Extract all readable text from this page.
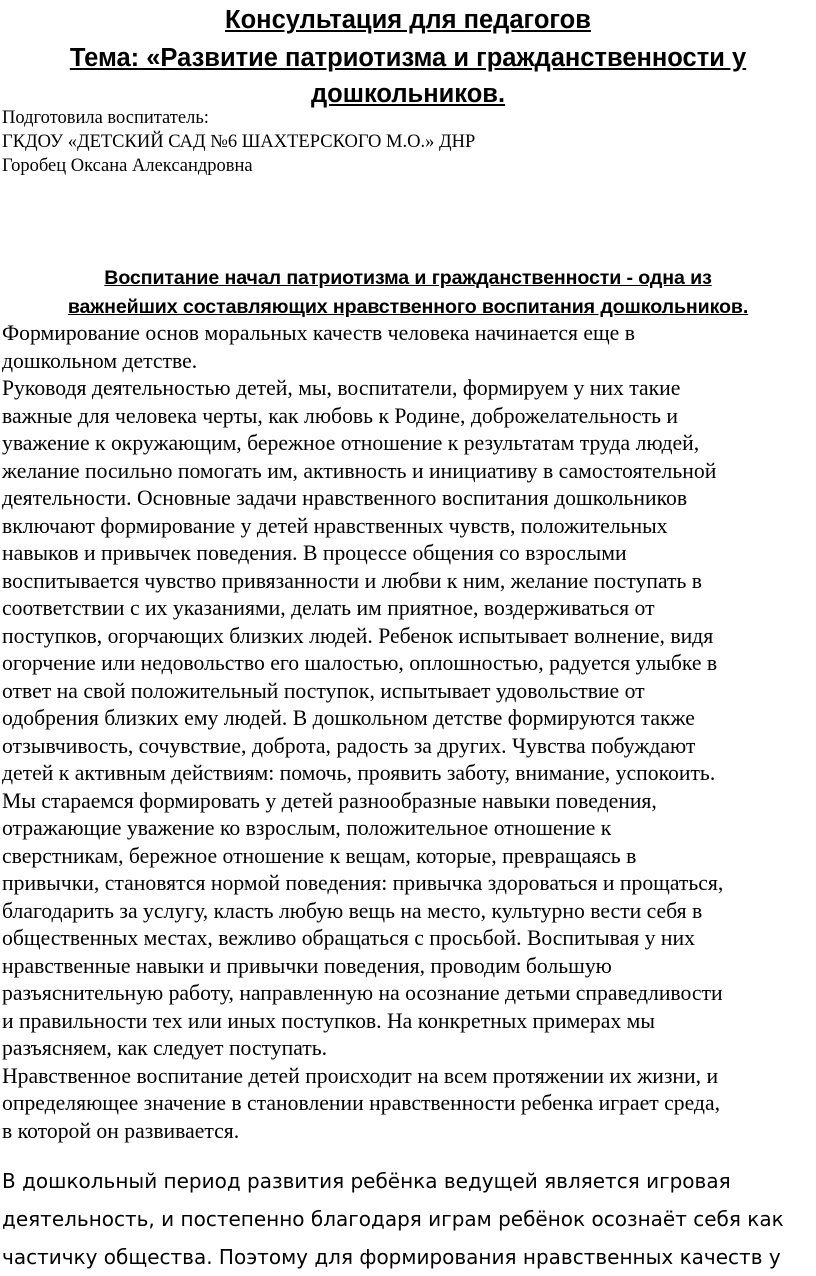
Консультация для педагогов
Тема: «Развитие патриотизма и гражданственности у
дошкольников.
Подготовила воспитатель:
ГКДОУ «ДЕТСКИЙ САД №6 ШАХТЕРСКОГО М.О.» ДНР
Горобец Оксана Александровна
Воспитание начал патриотизма и гражданственности - одна из
важнейших составляющих нравственного воспитания дошкольников.
Формирование основ моральных качеств человека начинается еще в
дошкольном детстве.
Руководя деятельностью детей, мы, воспитатели, формируем у них такие
важные для человека черты, как любовь к Родине, доброжелательность и
уважение к окружающим, бережное отношение к результатам труда людей,
желание посильно помогать им, активность и инициативу в самостоятельной
деятельности. Основные задачи нравственного воспитания дошкольников
включают формирование у детей нравственных чувств, положительных
навыков и привычек поведения. В процессе общения со взрослыми
воспитывается чувство привязанности и любви к ним, желание поступать в
соответствии с их указаниями, делать им приятное, воздерживаться от
поступков, огорчающих близких людей. Ребенок испытывает волнение, видя
огорчение или недовольство его шалостью, оплошностью, радуется улыбке в
ответ на свой положительный поступок, испытывает удовольствие от
одобрения близких ему людей. В дошкольном детстве формируются также
отзывчивость, сочувствие, доброта, радость за других. Чувства побуждают
детей к активным действиям: помочь, проявить заботу, внимание, успокоить.
Мы стараемся формировать у детей разнообразные навыки поведения,
отражающие уважение ко взрослым, положительное отношение к
сверстникам, бережное отношение к вещам, которые, превращаясь в
привычки, становятся нормой поведения: привычка здороваться и прощаться,
благодарить за услугу, класть любую вещь на место, культурно вести себя в
общественных местах, вежливо обращаться с просьбой. Воспитывая у них
нравственные навыки и привычки поведения, проводим большую
разъяснительную работу, направленную на осознание детьми справедливости
и правильности тех или иных поступков. На конкретных примерах мы
разъясняем, как следует поступать.
Нравственное воспитание детей происходит на всем протяжении их жизни, и
определяющее значение в становлении нравственности ребенка играет среда,
в которой он развивается.
В дошкольный период развития ребёнка ведущей является игровая
деятельность, и постепенно благодаря играм ребёнок осознаёт себя как
частичку общества. Поэтому для формирования нравственных качеств у
